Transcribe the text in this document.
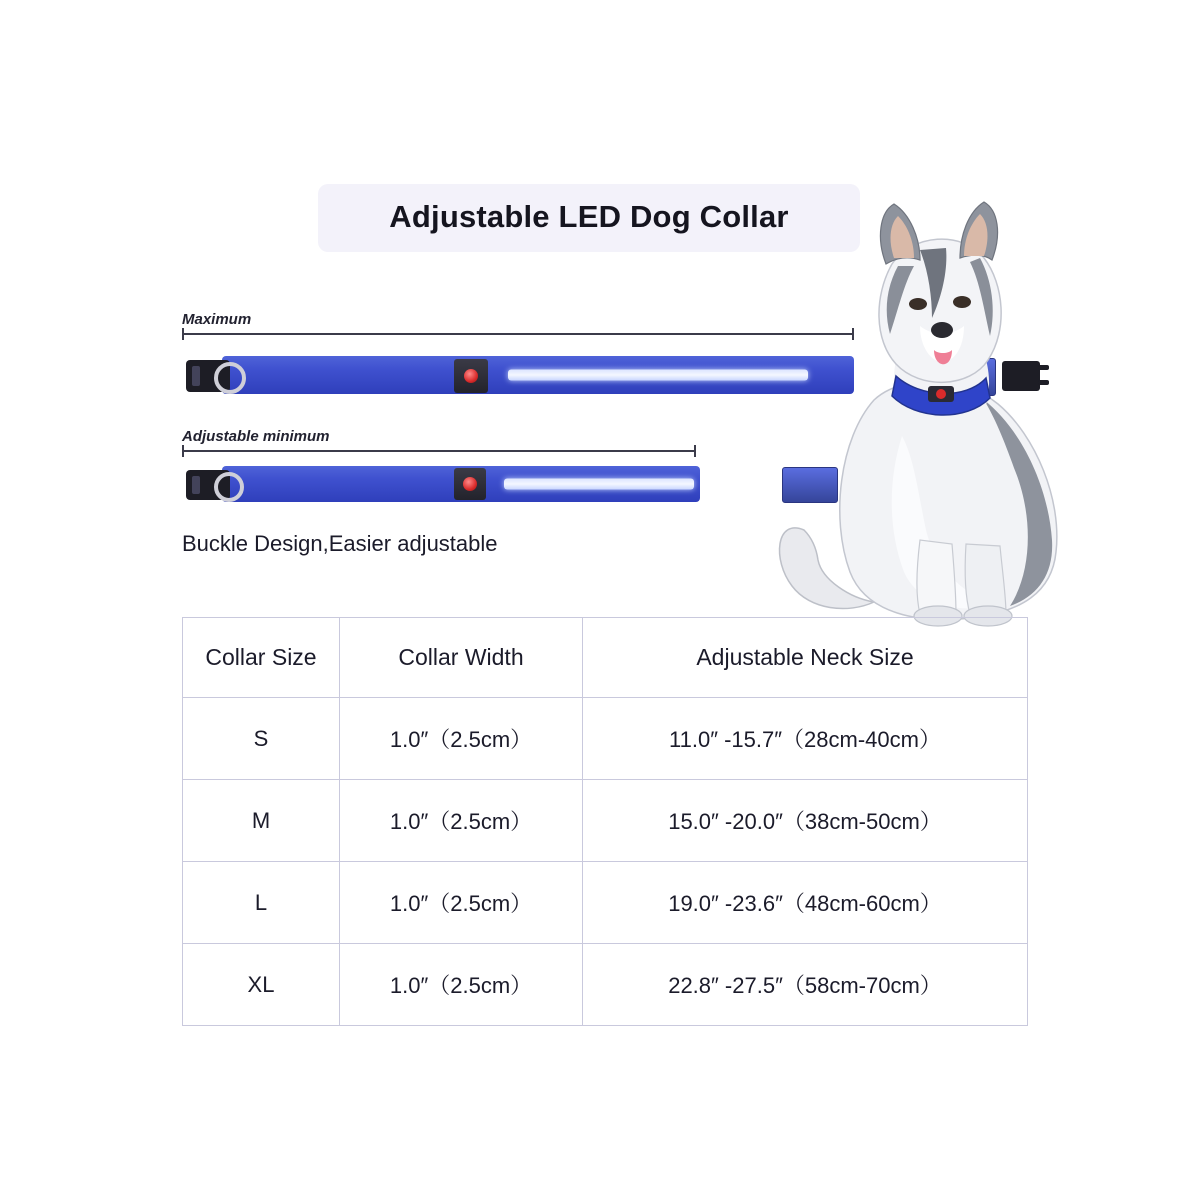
Adjustable LED Dog Collar
Maximum
Adjustable minimum
Buckle Design,Easier adjustable
Collar Size	Collar Width	Adjustable Neck Size
S	1.0″（2.5cm）	11.0″ -15.7″（28cm-40cm）
M	1.0″（2.5cm）	15.0″ -20.0″（38cm-50cm）
L	1.0″（2.5cm）	19.0″ -23.6″（48cm-60cm）
XL	1.0″（2.5cm）	22.8″ -27.5″（58cm-70cm）
